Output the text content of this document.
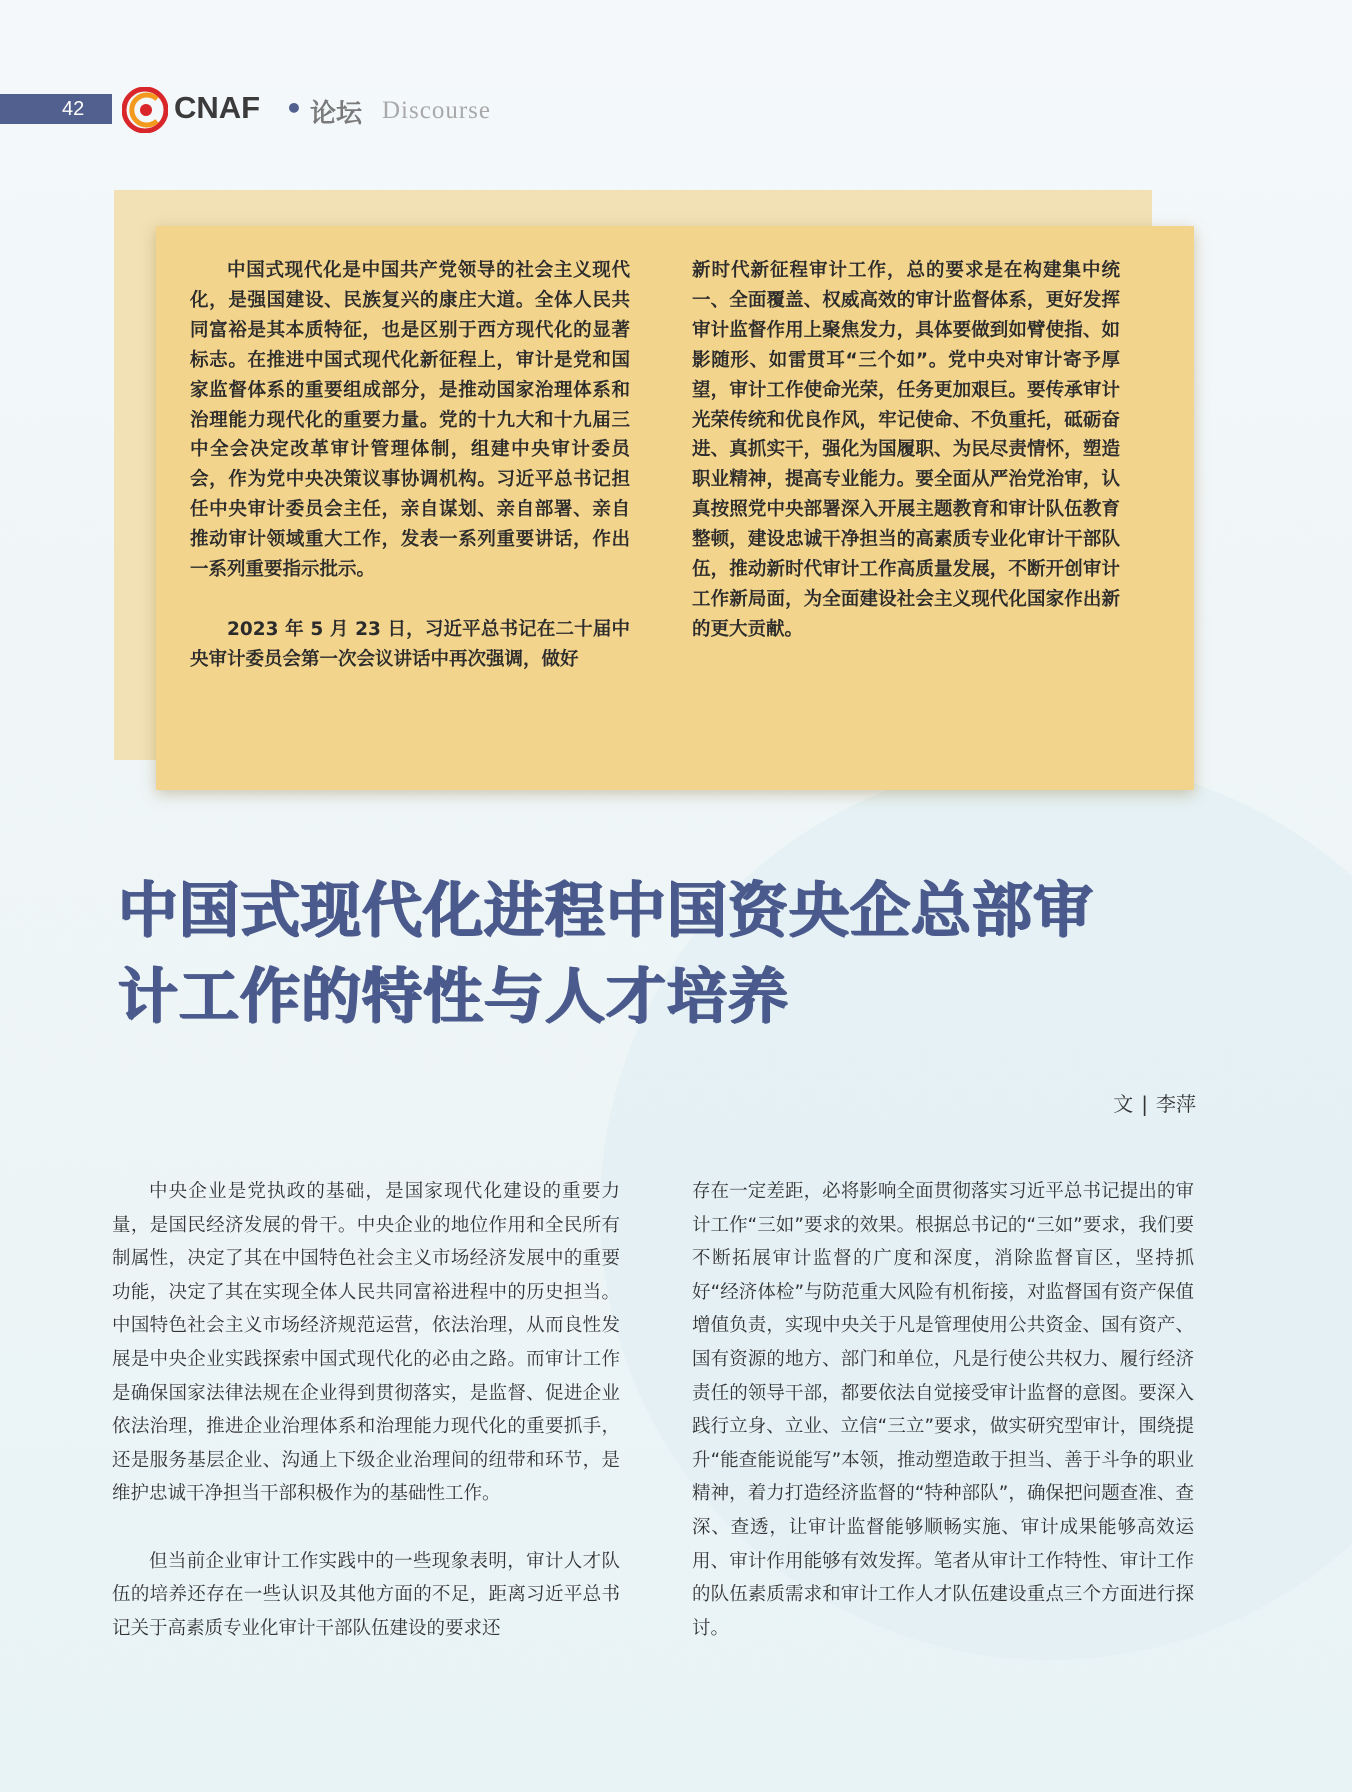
42	CNAF • 论坛 Discourse

中国式现代化是中国共产党领导的社会主义现代化，是强国建设、民族复兴的康庄大道。全体人民共同富裕是其本质特征，也是区别于西方现代化的显著标志。在推进中国式现代化新征程上，审计是党和国家监督体系的重要组成部分，是推动国家治理体系和治理能力现代化的重要力量。党的十九大和十九届三中全会决定改革审计管理体制，组建中央审计委员会，作为党中央决策议事协调机构。习近平总书记担任中央审计委员会主任，亲自谋划、亲自部署、亲自推动审计领域重大工作，发表一系列重要讲话，作出一系列重要指示批示。

2023 年 5 月 23 日，习近平总书记在二十届中央审计委员会第一次会议讲话中再次强调，做好

新时代新征程审计工作，总的要求是在构建集中统一、全面覆盖、权威高效的审计监督体系，更好发挥审计监督作用上聚焦发力，具体要做到如臂使指、如影随形、如雷贯耳“三个如”。党中央对审计寄予厚望，审计工作使命光荣，任务更加艰巨。要传承审计光荣传统和优良作风，牢记使命、不负重托，砥砺奋进、真抓实干，强化为国履职、为民尽责情怀，塑造职业精神，提高专业能力。要全面从严治党治审，认真按照党中央部署深入开展主题教育和审计队伍教育整顿，建设忠诚干净担当的高素质专业化审计干部队伍，推动新时代审计工作高质量发展，不断开创审计工作新局面，为全面建设社会主义现代化国家作出新的更大贡献。

中国式现代化进程中国资央企总部审
计工作的特性与人才培养
文 | 李萍

中央企业是党执政的基础，是国家现代化建设的重要力量，是国民经济发展的骨干。中央企业的地位作用和全民所有制属性，决定了其在中国特色社会主义市场经济发展中的重要功能，决定了其在实现全体人民共同富裕进程中的历史担当。中国特色社会主义市场经济规范运营，依法治理，从而良性发展是中央企业实践探索中国式现代化的必由之路。而审计工作是确保国家法律法规在企业得到贯彻落实，是监督、促进企业依法治理，推进企业治理体系和治理能力现代化的重要抓手，还是服务基层企业、沟通上下级企业治理间的纽带和环节，是维护忠诚干净担当干部积极作为的基础性工作。

但当前企业审计工作实践中的一些现象表明，审计人才队伍的培养还存在一些认识及其他方面的不足，距离习近平总书记关于高素质专业化审计干部队伍建设的要求还

存在一定差距，必将影响全面贯彻落实习近平总书记提出的审计工作“三如”要求的效果。根据总书记的“三如”要求，我们要不断拓展审计监督的广度和深度，消除监督盲区，坚持抓好“经济体检”与防范重大风险有机衔接，对监督国有资产保值增值负责，实现中央关于凡是管理使用公共资金、国有资产、国有资源的地方、部门和单位，凡是行使公共权力、履行经济责任的领导干部，都要依法自觉接受审计监督的意图。要深入践行立身、立业、立信“三立”要求，做实研究型审计，围绕提升“能查能说能写”本领，推动塑造敢于担当、善于斗争的职业精神，着力打造经济监督的“特种部队”，确保把问题查准、查深、查透，让审计监督能够顺畅实施、审计成果能够高效运用、审计作用能够有效发挥。笔者从审计工作特性、审计工作的队伍素质需求和审计工作人才队伍建设重点三个方面进行探讨。
